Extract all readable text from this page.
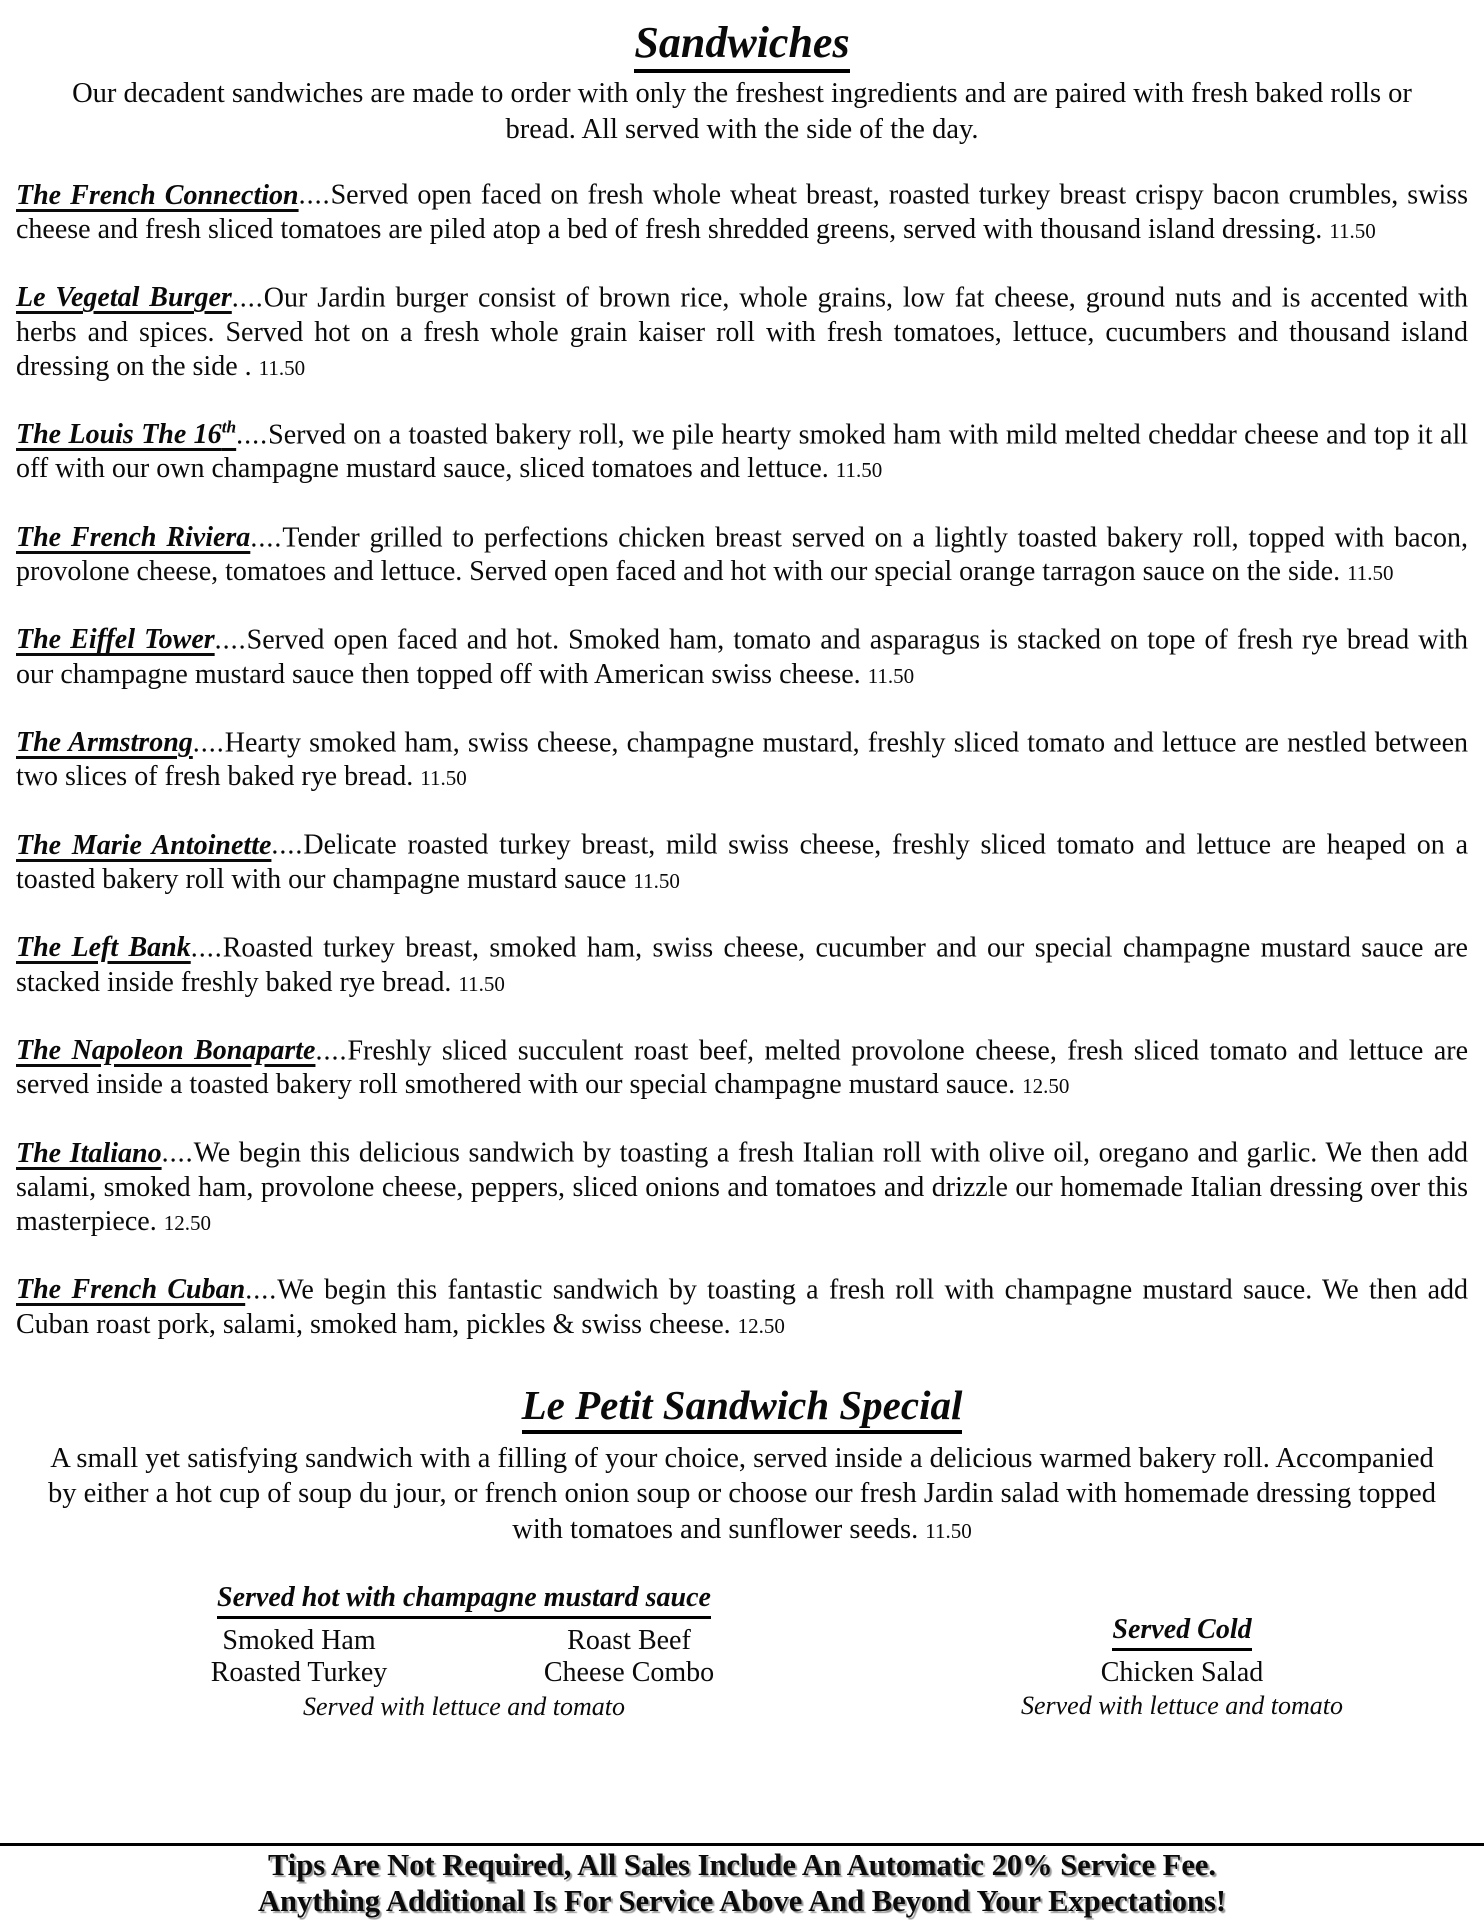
Sandwiches
Our decadent sandwiches are made to order with only the freshest ingredients and are paired with fresh baked rolls or bread. All served with the side of the day.

The French Connection....Served open faced on fresh whole wheat breast, roasted turkey breast crispy bacon crumbles, swiss cheese and fresh sliced tomatoes are piled atop a bed of fresh shredded greens, served with thousand island dressing. 11.50

Le Vegetal Burger....Our Jardin burger consist of brown rice, whole grains, low fat cheese, ground nuts and is accented with herbs and spices. Served hot on a fresh whole grain kaiser roll with fresh tomatoes, lettuce, cucumbers and thousand island dressing on the side . 11.50

The Louis The 16th....Served on a toasted bakery roll, we pile hearty smoked ham with mild melted cheddar cheese and top it all off with our own champagne mustard sauce, sliced tomatoes and lettuce. 11.50

The French Riviera....Tender grilled to perfections chicken breast served on a lightly toasted bakery roll, topped with bacon, provolone cheese, tomatoes and lettuce. Served open faced and hot with our special orange tarragon sauce on the side. 11.50

The Eiffel Tower....Served open faced and hot. Smoked ham, tomato and asparagus is stacked on tope of fresh rye bread with our champagne mustard sauce then topped off with American swiss cheese. 11.50

The Armstrong....Hearty smoked ham, swiss cheese, champagne mustard, freshly sliced tomato and lettuce are nestled between two slices of fresh baked rye bread. 11.50

The Marie Antoinette....Delicate roasted turkey breast, mild swiss cheese, freshly sliced tomato and lettuce are heaped on a toasted bakery roll with our champagne mustard sauce 11.50

The Left Bank....Roasted turkey breast, smoked ham, swiss cheese, cucumber and our special champagne mustard sauce are stacked inside freshly baked rye bread. 11.50

The Napoleon Bonaparte....Freshly sliced succulent roast beef, melted provolone cheese, fresh sliced tomato and lettuce are served inside a toasted bakery roll smothered with our special champagne mustard sauce. 12.50

The Italiano....We begin this delicious sandwich by toasting a fresh Italian roll with olive oil, oregano and garlic. We then add salami, smoked ham, provolone cheese, peppers, sliced onions and tomatoes and drizzle our homemade Italian dressing over this masterpiece. 12.50

The French Cuban....We begin this fantastic sandwich by toasting a fresh roll with champagne mustard sauce. We then add Cuban roast pork, salami, smoked ham, pickles & swiss cheese. 12.50

Le Petit Sandwich Special
A small yet satisfying sandwich with a filling of your choice, served inside a delicious warmed bakery roll. Accompanied by either a hot cup of soup du jour, or french onion soup or choose our fresh Jardin salad with homemade dressing topped with tomatoes and sunflower seeds. 11.50
Served hot with champagne mustard sauce
Smoked Ham	Roast Beef
Roasted Turkey	Cheese Combo
Served with lettuce and tomato
Served Cold
Chicken Salad
Served with lettuce and tomato
Tips Are Not Required, All Sales Include An Automatic 20% Service Fee.
Anything Additional Is For Service Above And Beyond Your Expectations!
